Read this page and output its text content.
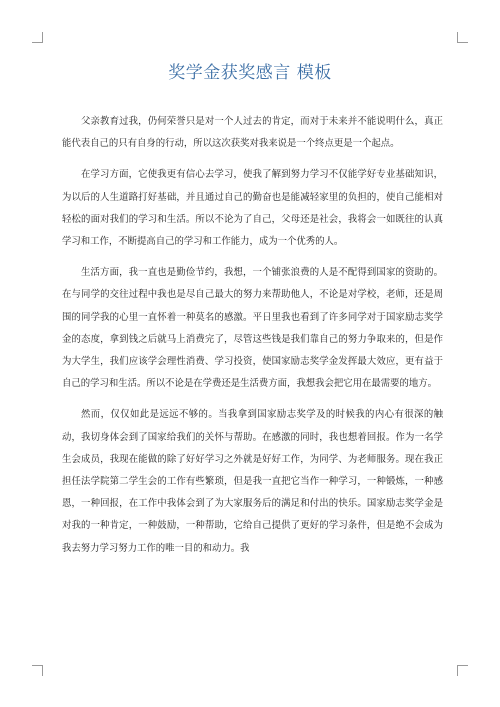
奖学金获奖感言 模板

父亲教育过我，仍何荣誉只是对一个人过去的肯定，而对于未来并不能说明什么，真正能代表自己的只有自身的行动，所以这次获奖对我来说是一个终点更是一个起点。

在学习方面，它使我更有信心去学习，使我了解到努力学习不仅能学好专业基础知识，为以后的人生道路打好基础，并且通过自己的勤奋也是能减轻家里的负担的，使自己能相对轻松的面对我们的学习和生活。所以不论为了自己，父母还是社会，我将会一如既往的认真学习和工作，不断提高自己的学习和工作能力，成为一个优秀的人。

生活方面，我一直也是勤俭节约，我想，一个铺张浪费的人是不配得到国家的资助的。在与同学的交往过程中我也是尽自己最大的努力来帮助他人，不论是对学校，老师，还是周围的同学我的心里一直怀着一种莫名的感激。平日里我也看到了许多同学对于国家励志奖学金的态度，拿到钱之后就马上消费完了，尽管这些钱是我们靠自己的努力争取来的，但是作为大学生，我们应该学会理性消费、学习投资，使国家励志奖学金发挥最大效应，更有益于自己的学习和生活。所以不论是在学费还是生活费方面，我想我会把它用在最需要的地方。

然而，仅仅如此是远远不够的。当我拿到国家励志奖学及的时候我的内心有很深的触动，我切身体会到了国家给我们的关怀与帮助。在感激的同时，我也想着回报。作为一名学生会成员，我现在能做的除了好好学习之外就是好好工作，为同学、为老师服务。现在我正担任法学院第二学生会的工作有些繁琐，但是我一直把它当作一种学习，一种锻炼，一种感恩，一种回报，在工作中我体会到了为大家服务后的满足和付出的快乐。国家励志奖学金是对我的一种肯定，一种鼓励，一种帮助，它给自己提供了更好的学习条件，但是绝不会成为我去努力学习努力工作的唯一目的和动力。我
